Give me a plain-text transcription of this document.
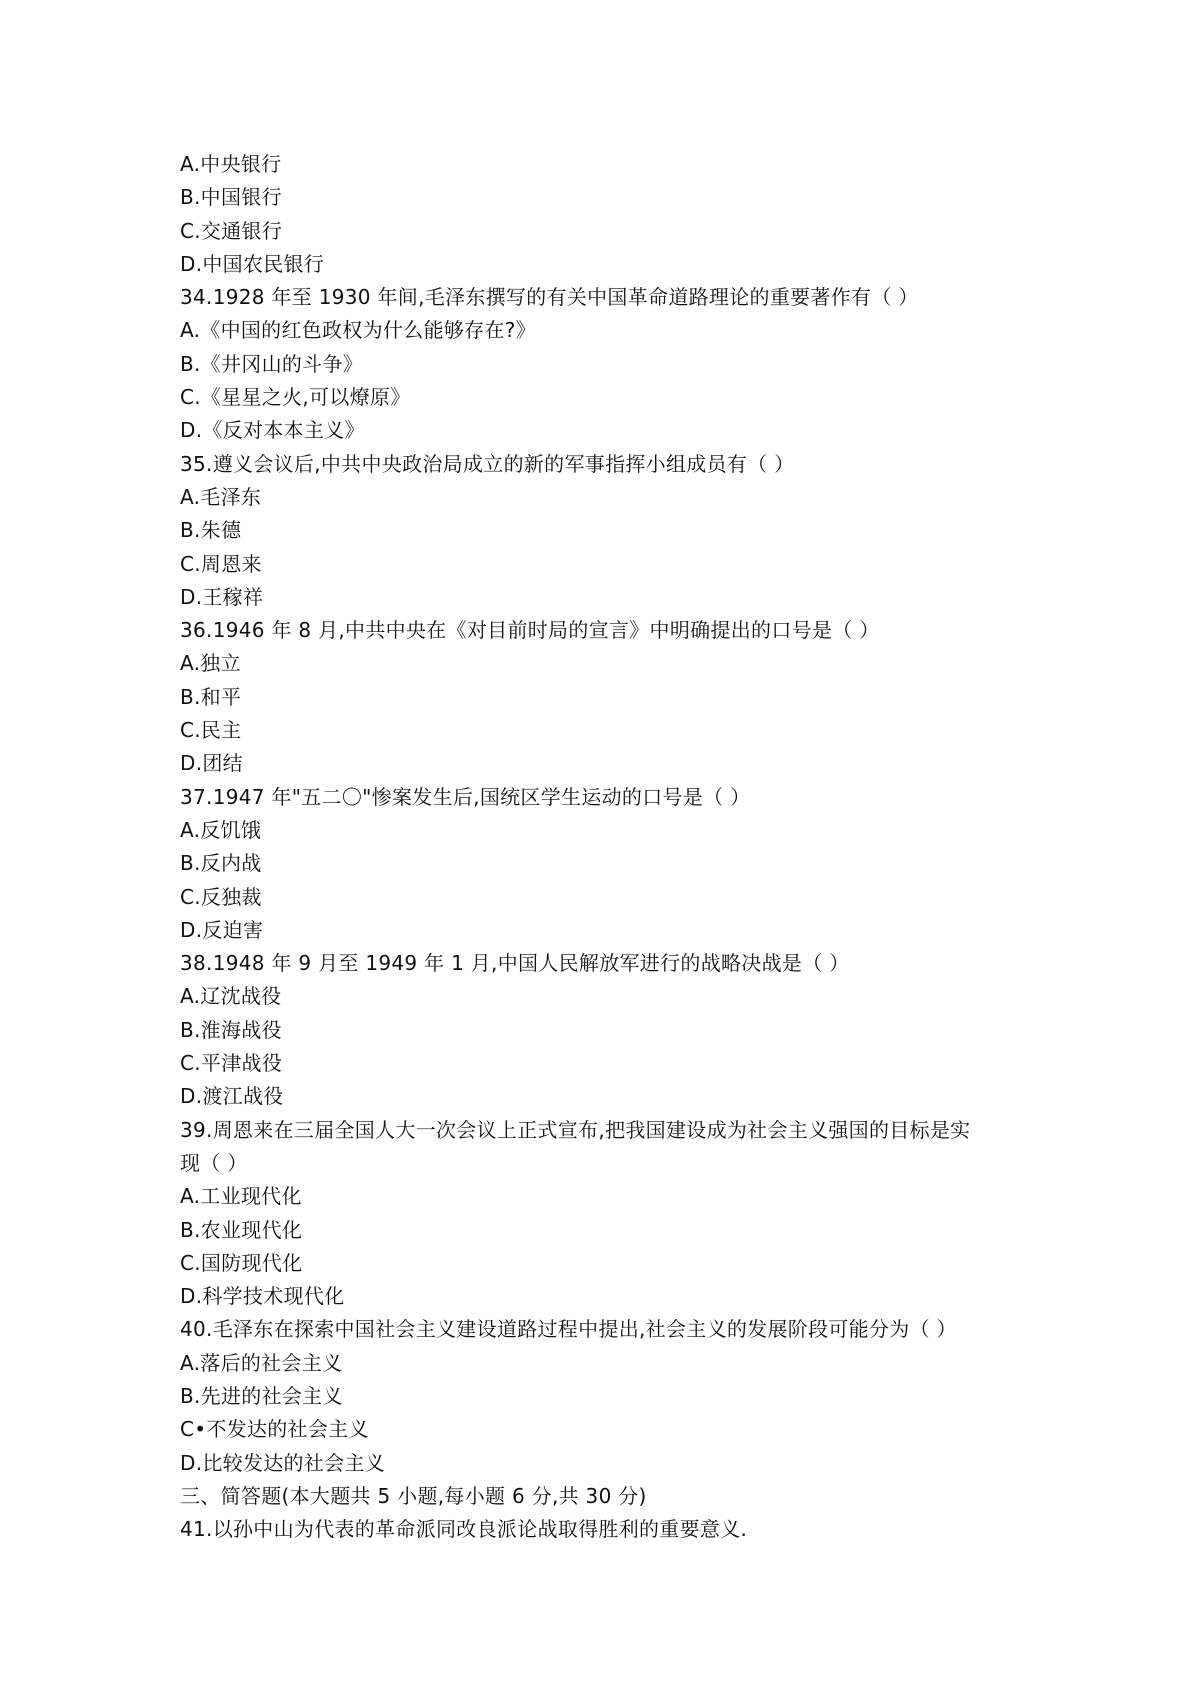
A.中央银行
B.中国银行
C.交通银行
D.中国农民银行
34.1928 年至 1930 年间,毛泽东撰写的有关中国革命道路理论的重要著作有（ ）
A.《中国的红色政权为什么能够存在?》
B.《井冈山的斗争》
C.《星星之火,可以燎原》
D.《反对本本主义》
35.遵义会议后,中共中央政治局成立的新的军事指挥小组成员有（ ）
A.毛泽东
B.朱德
C.周恩来
D.王稼祥
36.1946 年 8 月,中共中央在《对目前时局的宣言》中明确提出的口号是（ ）
A.独立
B.和平
C.民主
D.团结
37.1947 年"五二〇"惨案发生后,国统区学生运动的口号是（ ）
A.反饥饿
B.反内战
C.反独裁
D.反迫害
38.1948 年 9 月至 1949 年 1 月,中国人民解放军进行的战略决战是（ ）
A.辽沈战役
B.淮海战役
C.平津战役
D.渡江战役
39.周恩来在三届全国人大一次会议上正式宣布,把我国建设成为社会主义强国的目标是实
现（ ）
A.工业现代化
B.农业现代化
C.国防现代化
D.科学技术现代化
40.毛泽东在探索中国社会主义建设道路过程中提出,社会主义的发展阶段可能分为（ ）
A.落后的社会主义
B.先进的社会主义
C•不发达的社会主义
D.比较发达的社会主义
三、简答题(本大题共 5 小题,每小题 6 分,共 30 分)
41.以孙中山为代表的革命派同改良派论战取得胜利的重要意义.
